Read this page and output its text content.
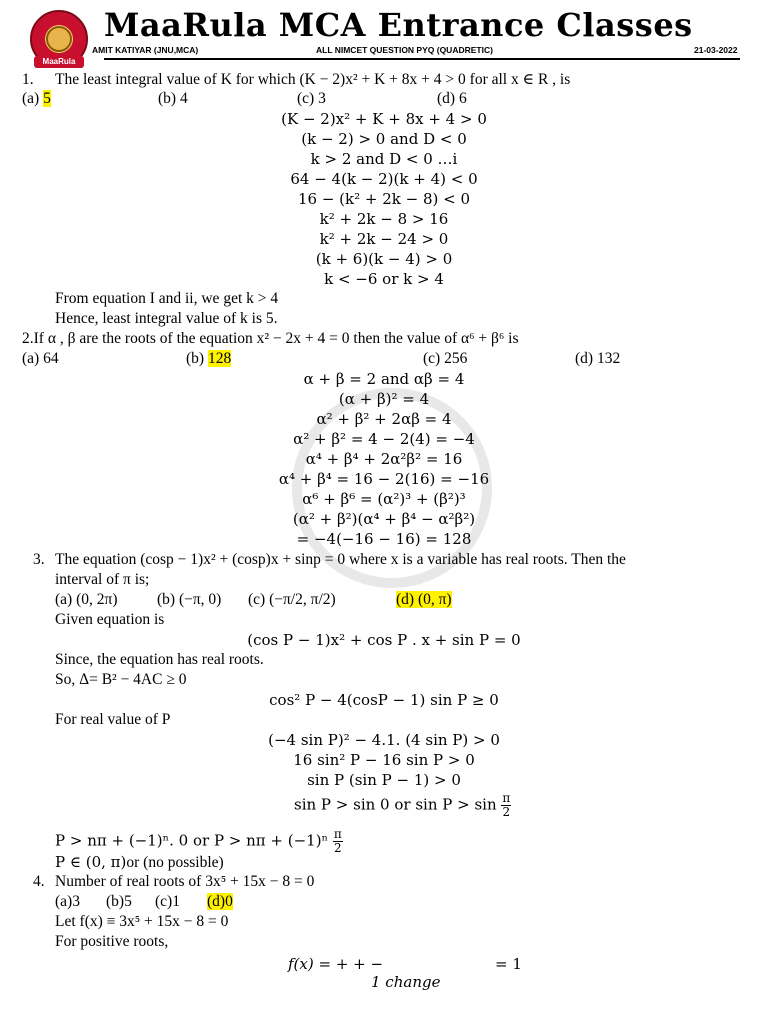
MaaRula
MaaRula MCA Entrance Classes
AMIT KATIYAR (JNU,MCA)	ALL NIMCET QUESTION PYQ (QUADRETIC)	21-03-2022
1. The least integral value of K for which (K − 2)x² + K + 8x + 4 > 0 for all x ∈ R , is
(a) 5	(b) 4	(c) 3	(d) 6
(K − 2)x² + K + 8x + 4 > 0
(k − 2) > 0 and D < 0
k > 2 and D < 0 …i
64 − 4(k − 2)(k + 4) < 0
16 − (k² + 2k − 8) < 0
k² + 2k − 8 > 16
k² + 2k − 24 > 0
(k + 6)(k − 4) > 0
k < −6 or k > 4
From equation I and ii, we get k > 4
Hence, least integral value of k is 5.
2.If α , β are the roots of the equation x² − 2x + 4 = 0 then the value of α⁶ + β⁶ is
(a) 64	(b) 128	(c) 256	(d) 132
α + β = 2 and αβ = 4
(α + β)² = 4
α² + β² + 2αβ = 4
α² + β² = 4 − 2(4) = −4
α⁴ + β⁴ + 2α²β² = 16
α⁴ + β⁴ = 16 − 2(16) = −16
α⁶ + β⁶ = (α²)³ + (β²)³
(α² + β²)(α⁴ + β⁴ − α²β²)
= −4(−16 − 16) = 128
3. The equation (cosp − 1)x² + (cosp)x + sinp = 0 where x is a variable has real roots. Then the
interval of π is;
(a) (0, 2π)	(b) (−π, 0) (c) (−π/2, π/2)	(d) (0, π)
Given equation is
(cos P − 1)x² + cos P . x + sin P = 0
Since, the equation has real roots.
So, Δ= B² − 4AC ≥ 0
cos² P − 4(cosP − 1) sin P ≥ 0
For real value of P
(−4 sin P)² − 4.1. (4 sin P) > 0
16 sin² P − 16 sin P > 0
sin P (sin P − 1) > 0
sin P > sin 0 or $\sin P > \sin \frac{\pi}{2}$
P > nπ + (−1)ⁿ. 0 or $P > n\pi + (-1)^n \frac{\pi}{2}$
P ∈ (0, π)or (no possible)
4. Number of real roots of 3x⁵ + 15x − 8 = 0
(a)3 (b)5 (c)1 (d)0
Let f(x) ≡ 3x⁵ + 15x − 8 = 0
For positive roots,
f(x) = + + −	= 1
1 change
